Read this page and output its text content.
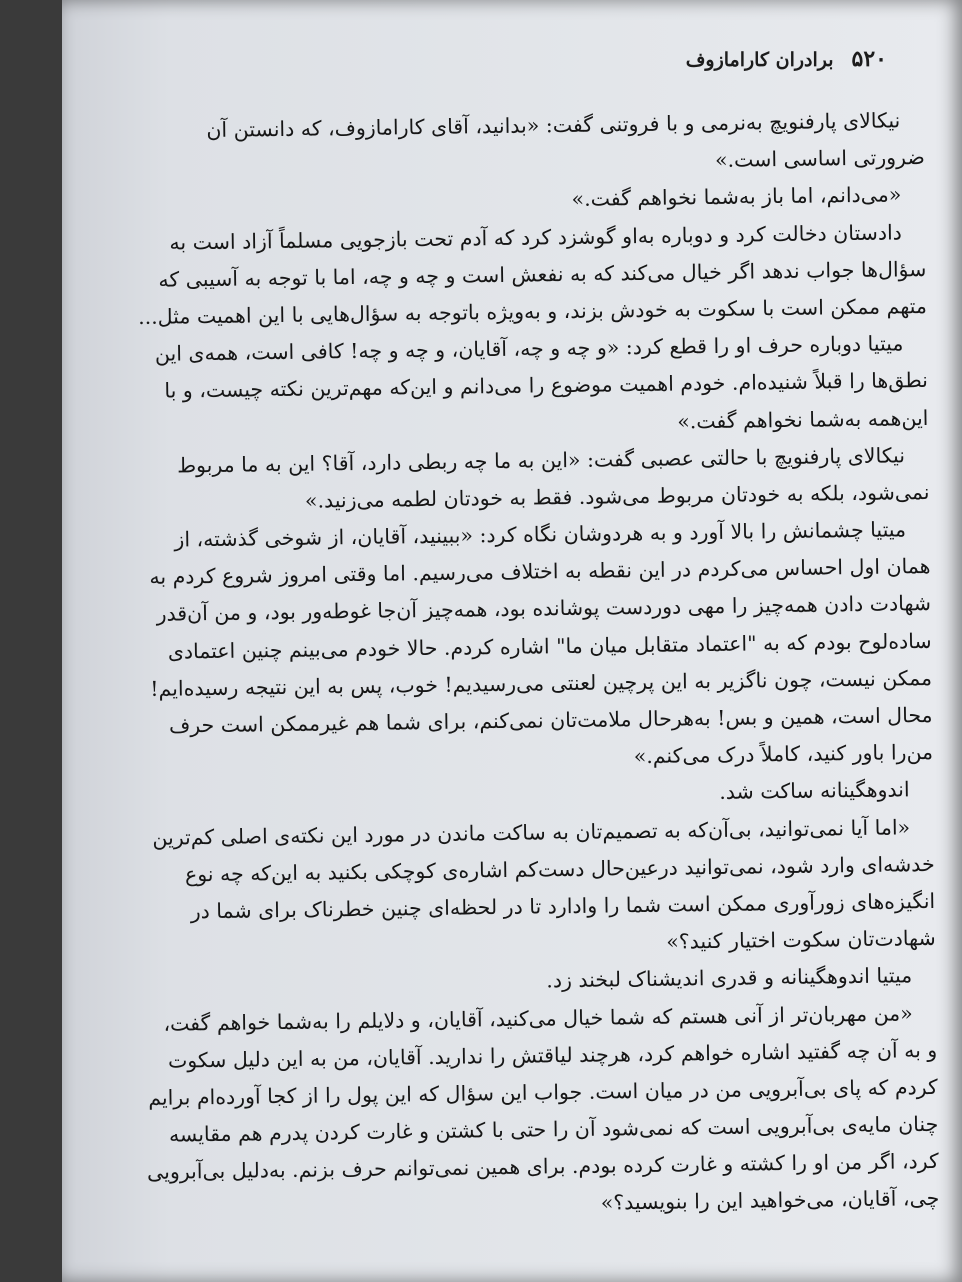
۵۲۰
برادران کارامازوف
نیکالای پارفنویچ به‌نرمی و با فروتنی گفت: «بدانید، آقای کارامازوف، که دانستن آن
ضرورتی اساسی است.»
«می‌دانم، اما باز به‌شما نخواهم گفت.»
دادستان دخالت کرد و دوباره به‌او گوشزد کرد که آدم تحت بازجویی مسلماً آزاد است به
سؤال‌ها جواب ندهد اگر خیال می‌کند که به نفعش است و چه و چه، اما با توجه به آسیبی که
متهم ممکن است با سکوت به خودش بزند، و به‌ویژه باتوجه به سؤال‌هایی با این اهمیت مثل...
میتیا دوباره حرف او را قطع کرد: «و چه و چه، آقایان، و چه و چه! کافی است، همه‌ی این
نطق‌ها را قبلاً شنیده‌ام. خودم اهمیت موضوع را می‌دانم و این‌که مهم‌ترین نکته چیست، و با
این‌همه به‌شما نخواهم گفت.»
نیکالای پارفنویچ با حالتی عصبی گفت: «این به ما چه ربطی دارد، آقا؟ این به ما مربوط
نمی‌شود، بلکه به خودتان مربوط می‌شود. فقط به خودتان لطمه می‌زنید.»
میتیا چشمانش را بالا آورد و به هردوشان نگاه کرد: «ببینید، آقایان، از شوخی گذشته، از
همان اول احساس می‌کردم در این نقطه به اختلاف می‌رسیم. اما وقتی امروز شروع کردم به
شهادت دادن همه‌چیز را مهی دوردست پوشانده بود، همه‌چیز آن‌جا غوطه‌ور بود، و من آن‌قدر
ساده‌لوح بودم که به "اعتماد متقابل میان ما" اشاره کردم. حالا خودم می‌بینم چنین اعتمادی
ممکن نیست، چون ناگزیر به این پرچین لعنتی می‌رسیدیم! خوب، پس به این نتیجه رسیده‌ایم!
محال است، همین و بس! به‌هرحال ملامت‌تان نمی‌کنم، برای شما هم غیرممکن است حرف
من‌را باور کنید، کاملاً درک می‌کنم.»
اندوهگینانه ساکت شد.
«اما آیا نمی‌توانید، بی‌آن‌که به تصمیم‌تان به ساکت ماندن در مورد این نکته‌ی اصلی کم‌ترین
خدشه‌ای وارد شود، نمی‌توانید درعین‌حال دست‌کم اشاره‌ی کوچکی بکنید به این‌که چه نوع
انگیزه‌های زورآوری ممکن است شما را وادارد تا در لحظه‌ای چنین خطرناک برای شما در
شهادت‌تان سکوت اختیار کنید؟»
میتیا اندوهگینانه و قدری اندیشناک لبخند زد.
«من مهربان‌تر از آنی هستم که شما خیال می‌کنید، آقایان، و دلایلم را به‌شما خواهم گفت،
و به آن چه گفتید اشاره خواهم کرد، هرچند لیاقتش را ندارید. آقایان، من به این دلیل سکوت
کردم که پای بی‌آبرویی من در میان است. جواب این سؤال که این پول را از کجا آورده‌ام برایم
چنان مایه‌ی بی‌آبرویی است که نمی‌شود آن را حتی با کشتن و غارت کردن پدرم هم مقایسه
کرد، اگر من او را کشته و غارت کرده بودم. برای همین نمی‌توانم حرف بزنم. به‌دلیل بی‌آبرویی
چی، آقایان، می‌خواهید این را بنویسید؟»
